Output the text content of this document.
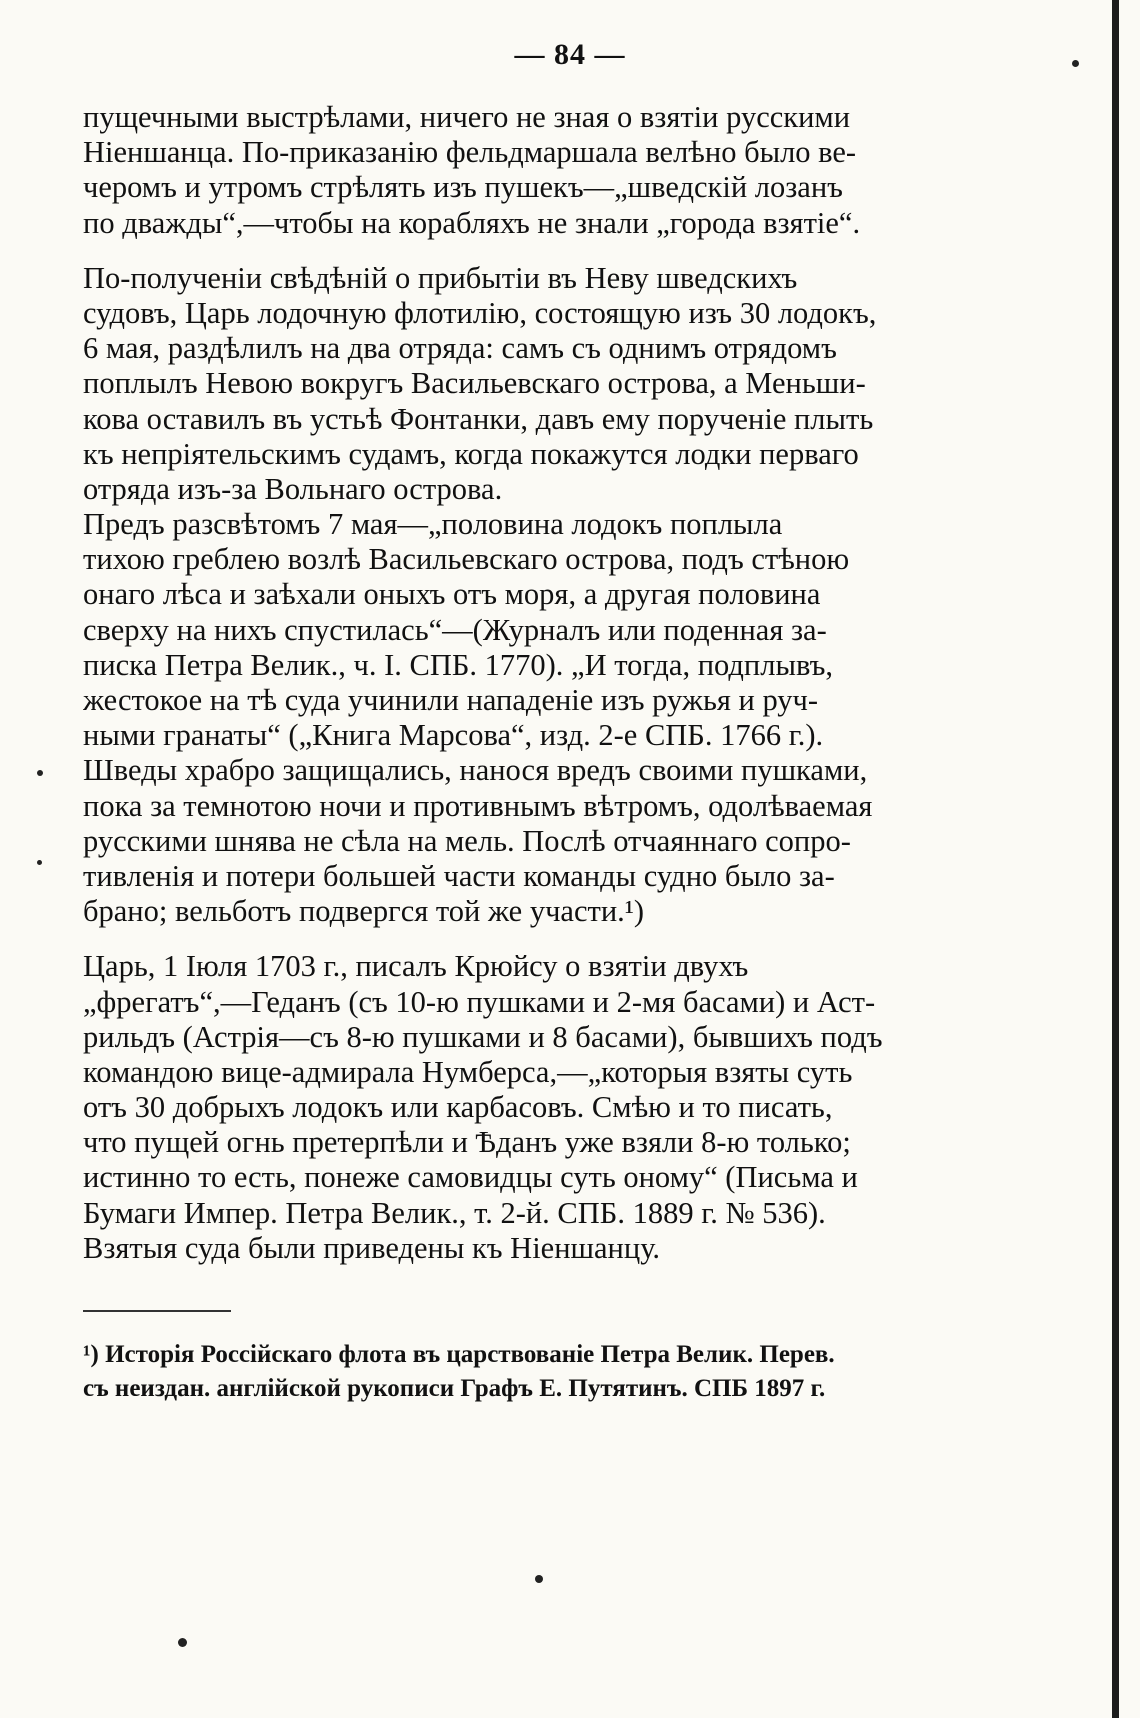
— 84 —
пущечными выстрѣлами, ничего не зная о взятіи русскими
Ніеншанца. По-приказанію фельдмаршала велѣно было ве-
черомъ и утромъ стрѣлять изъ пушекъ—„шведскій лозанъ
по дважды“,—чтобы на корабляхъ не знали „города взятіе“.
По-полученіи свѣдѣній о прибытіи въ Неву шведскихъ
судовъ, Царь лодочную флотилію, состоящую изъ 30 лодокъ,
6 мая, раздѣлилъ на два отряда: самъ съ однимъ отрядомъ
поплылъ Невою вокругъ Васильевскаго острова, а Меньши-
кова оставилъ въ устьѣ Фонтанки, давъ ему порученіе плыть
къ непріятельскимъ судамъ, когда покажутся лодки перваго
отряда изъ-за Вольнаго острова.
Предъ разсвѣтомъ 7 мая—„половина лодокъ поплыла
тихою греблею возлѣ Васильевскаго острова, подъ стѣною
онаго лѣса и заѣхали оныхъ отъ моря, а другая половина
сверху на нихъ спустилась“—(Журналъ или поденная за-
писка Петра Велик., ч. I. СПБ. 1770). „И тогда, подплывъ,
жестокое на тѣ суда учинили нападеніе изъ ружья и руч-
ными гранаты“ („Книга Марсова“, изд. 2-е СПБ. 1766 г.).
Шведы храбро защищались, нанося вредъ своими пушками,
пока за темнотою ночи и противнымъ вѣтромъ, одолѣваемая
русскими шнява не сѣла на мель. Послѣ отчаяннаго сопро-
тивленія и потери большей части команды судно было за-
брано; вельботъ подвергся той же участи.¹)
Царь, 1 Іюля 1703 г., писалъ Крюйсу о взятіи двухъ
„фрегатъ“,—Геданъ (съ 10-ю пушками и 2-мя басами) и Аст-
рильдъ (Астрія—съ 8-ю пушками и 8 басами), бывшихъ подъ
командою вице-адмирала Нумберса,—„которыя взяты суть
отъ 30 добрыхъ лодокъ или карбасовъ. Смѣю и то писать,
что пущей огнь претерпѣли и Ѣданъ уже взяли 8-ю только;
истинно то есть, понеже самовидцы суть оному“ (Письма и
Бумаги Импер. Петра Велик., т. 2-й. СПБ. 1889 г. № 536).
Взятыя суда были приведены къ Ніеншанцу.
¹) Исторія Россійскаго флота въ царствованіе Петра Велик. Перев.
съ неиздан. англійской рукописи Графъ Е. Путятинъ. СПБ 1897 г.
